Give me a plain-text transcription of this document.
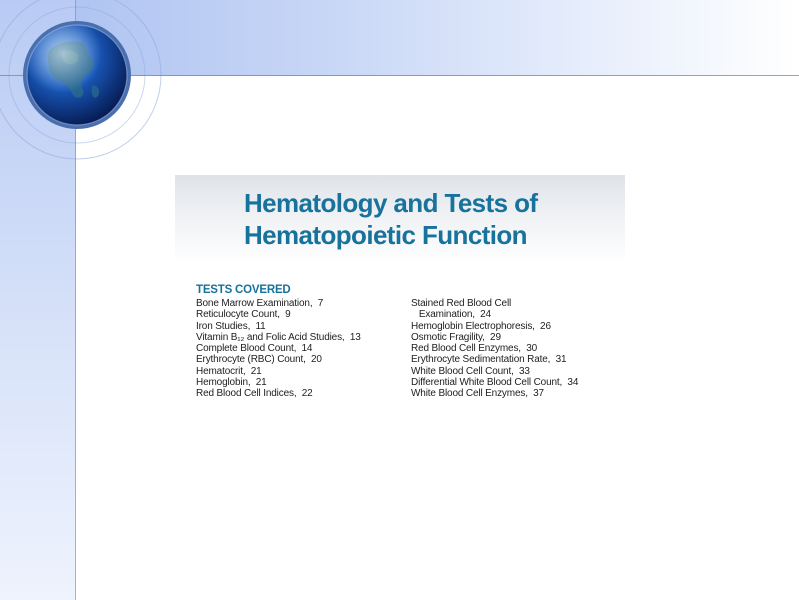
Hematology and Tests of
Hematopoietic Function
TESTS COVERED
Bone Marrow Examination,  7
Reticulocyte Count,  9
Iron Studies,  11
Vitamin B₁₂ and Folic Acid Studies,  13
Complete Blood Count,  14
Erythrocyte (RBC) Count,  20
Hematocrit,  21
Hemoglobin,  21
Red Blood Cell Indices,  22
Stained Red Blood Cell
Examination,  24
Hemoglobin Electrophoresis,  26
Osmotic Fragility,  29
Red Blood Cell Enzymes,  30
Erythrocyte Sedimentation Rate,  31
White Blood Cell Count,  33
Differential White Blood Cell Count,  34
White Blood Cell Enzymes,  37
